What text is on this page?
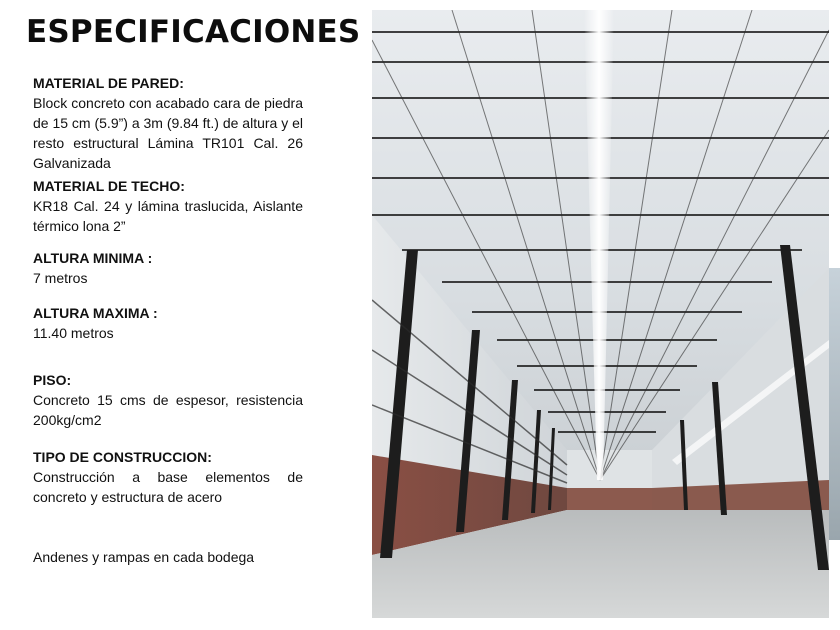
ESPECIFICACIONES
MATERIAL DE PARED:
Block concreto con acabado cara de piedra de 15 cm (5.9”) a 3m (9.84 ft.) de altura y el resto estructural Lámina TR101 Cal. 26 Galvanizada
MATERIAL DE TECHO:
KR18 Cal. 24 y lámina traslucida, Aislante térmico lona 2”
ALTURA MINIMA :
7 metros
ALTURA MAXIMA :
11.40 metros
PISO:
Concreto 15 cms de espesor, resistencia 200kg/cm2
TIPO DE CONSTRUCCION:
Construcción a base elementos de concreto y estructura de acero
Andenes y rampas en cada bodega
